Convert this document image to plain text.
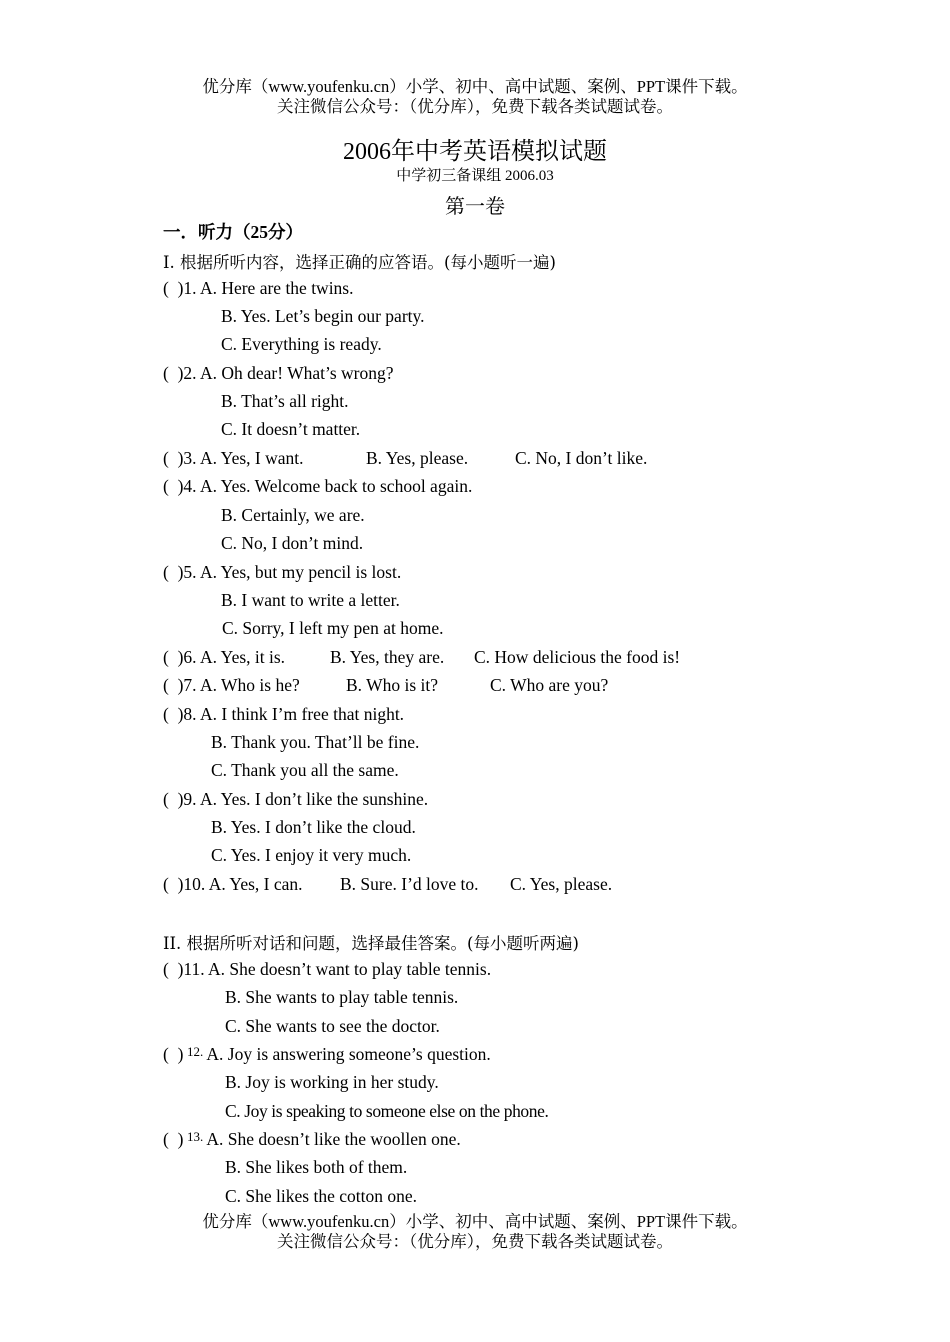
优分库（www.youfenku.cn）小学、初中、高中试题、案例、PPT课件下载。
关注微信公众号：（优分库），免费下载各类试题试卷。
2006年中考英语模拟试题
中学初三备课组 2006.03
第一卷
一．听力（25分）
I. 根据所听内容，选择正确的应答语。(每小题听一遍)
(  )1. A. Here are the twins.
B. Yes. Let’s begin our party.
C. Everything is ready.
(  )2. A. Oh dear! What’s wrong?
B. That’s all right.
C. It doesn’t matter.
(  )3. A. Yes, I want.	B. Yes, please.	C. No, I don’t like.
(  )4. A. Yes. Welcome back to school again.
B. Certainly, we are.
C. No, I don’t mind.
(  )5. A. Yes, but my pencil is lost.
B. I want to write a letter.
C. Sorry, I left my pen at home.
(  )6. A. Yes, it is.	B. Yes, they are. C. How delicious the food is!
(  )7. A. Who is he?	B. Who is it?	C. Who are you?
(  )8. A. I think I’m free that night.
B. Thank you. That’ll be fine.
C. Thank you all the same.
(  )9. A. Yes. I don’t like the sunshine.
B. Yes. I don’t like the cloud.
C. Yes. I enjoy it very much.
(  )10. A. Yes, I can. B. Sure. I’d love to. C. Yes, please.
II. 根据所听对话和问题，选择最佳答案。(每小题听两遍)
(  )11. A. She doesn’t want to play table tennis.
B. She wants to play table tennis.
C. She wants to see the doctor.

(  )

12.

A. Joy is answering someone’s question.

B. Joy is working in her study.
C. Joy is speaking to someone else on the phone.

(  )

13.

A. She doesn’t like the woollen one.

B. She likes both of them.
C. She likes the cotton one.
优分库（www.youfenku.cn）小学、初中、高中试题、案例、PPT课件下载。
关注微信公众号：（优分库），免费下载各类试题试卷。
